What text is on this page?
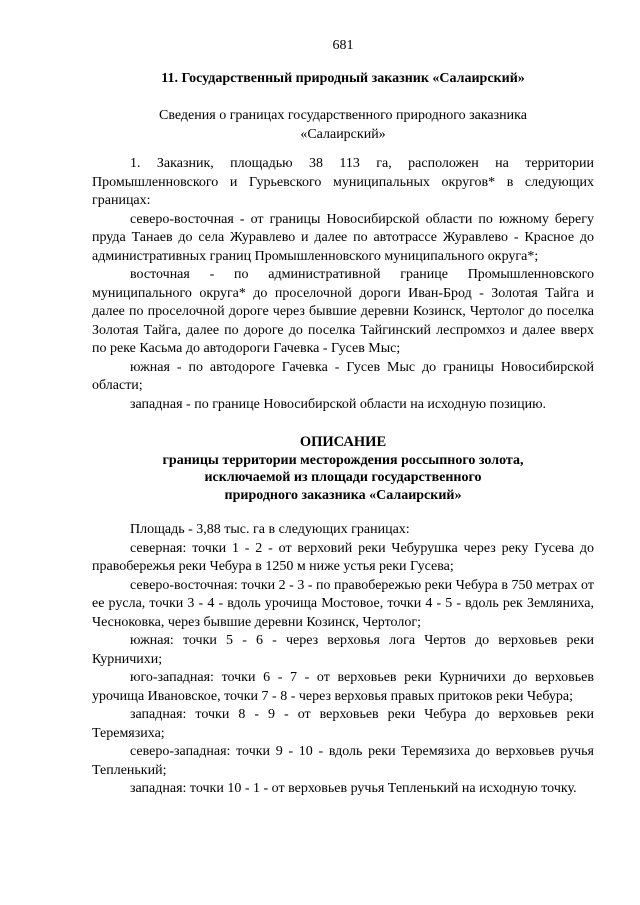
681
11. Государственный природный заказник «Салаирский»
Сведения о границах государственного природного заказника
«Салаирский»

1. Заказник, площадью 38 113 га, расположен на территории Промышленновского и Гурьевского муниципальных округов* в следующих границах:

северо-восточная - от границы Новосибирской области по южному берегу пруда Танаев до села Журавлево и далее по автотрассе Журавлево - Красное до административных границ Промышленновского муниципального округа*;

восточная - по административной границе Промышленновского муниципального округа* до проселочной дороги Иван-Брод - Золотая Тайга и далее по проселочной дороге через бывшие деревни Козинск, Чертолог до поселка Золотая Тайга, далее по дороге до поселка Тайгинский леспромхоз и далее вверх по реке Касьма до автодороги Гачевка - Гусев Мыс;

южная - по автодороге Гачевка - Гусев Мыс до границы Новосибирской области;

западная - по границе Новосибирской области на исходную позицию.

ОПИСАНИЕ
границы территории месторождения россыпного золота,
исключаемой из площади государственного
природного заказника «Салаирский»

Площадь - 3,88 тыс. га в следующих границах:

северная: точки 1 - 2 - от верховий реки Чебурушка через реку Гусева до правобережья реки Чебура в 1250 м ниже устья реки Гусева;

северо-восточная: точки 2 - 3 - по правобережью реки Чебура в 750 метрах от ее русла, точки 3 - 4 - вдоль урочища Мостовое, точки 4 - 5 - вдоль рек Земляниха, Чесноковка, через бывшие деревни Козинск, Чертолог;

южная: точки 5 - 6 - через верховья лога Чертов до верховьев реки Курничихи;

юго-западная: точки 6 - 7 - от верховьев реки Курничихи до верховьев урочища Ивановское, точки 7 - 8 - через верховья правых притоков реки Чебура;

западная: точки 8 - 9 - от верховьев реки Чебура до верховьев реки Теремязиха;

северо-западная: точки 9 - 10 - вдоль реки Теремязиха до верховьев ручья Тепленький;

западная: точки 10 - 1 - от верховьев ручья Тепленький на исходную точку.
